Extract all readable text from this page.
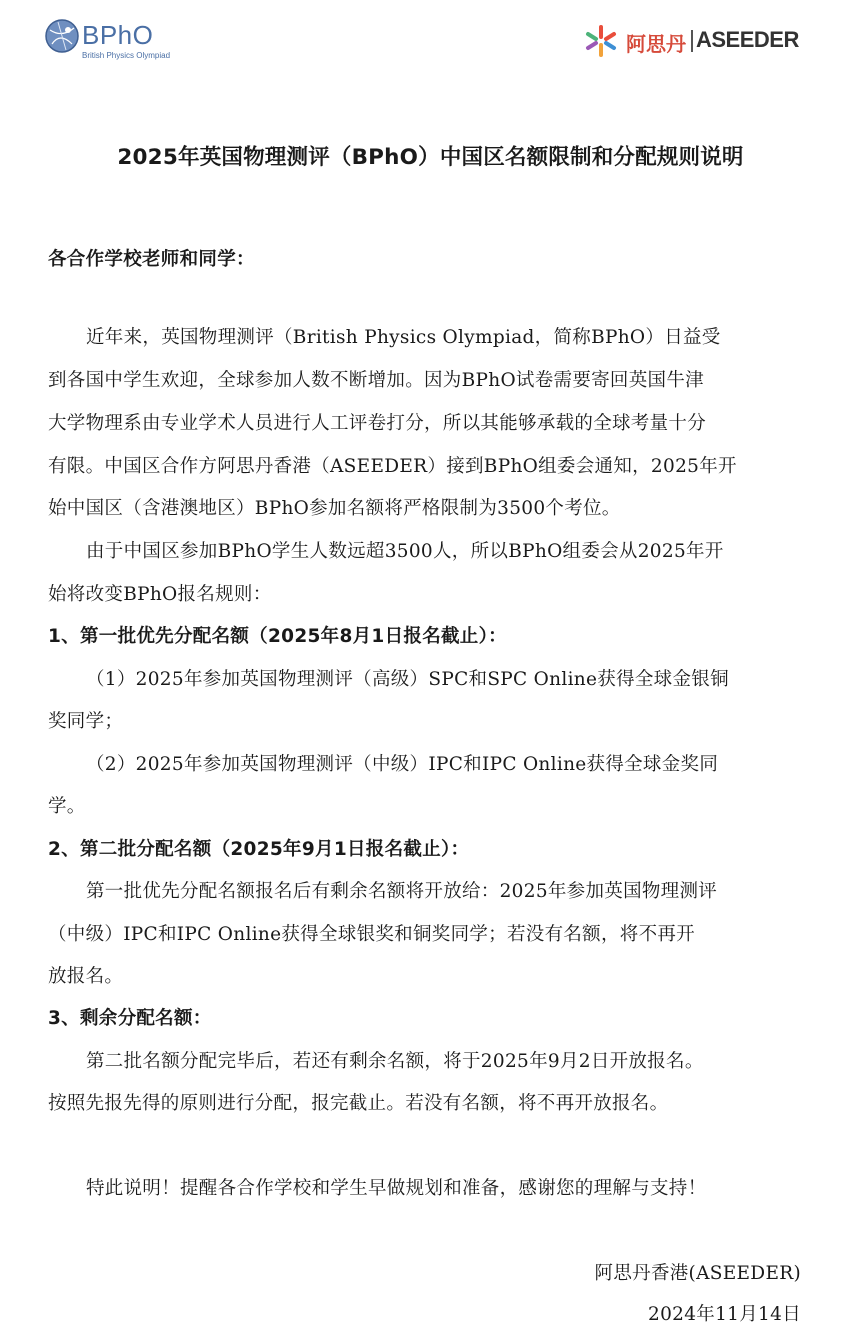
BPhO
British Physics Olympiad	阿思丹 ASEEDER
2025年英国物理测评（BPhO）中国区名额限制和分配规则说明
各合作学校老师和同学：
近年来，英国物理测评（British Physics Olympiad，简称BPhO）日益受
到各国中学生欢迎，全球参加人数不断增加。因为BPhO试卷需要寄回英国牛津
大学物理系由专业学术人员进行人工评卷打分，所以其能够承载的全球考量十分
有限。中国区合作方阿思丹香港（ASEEDER）接到BPhO组委会通知，2025年开
始中国区（含港澳地区）BPhO参加名额将严格限制为3500个考位。
由于中国区参加BPhO学生人数远超3500人，所以BPhO组委会从2025年开
始将改变BPhO报名规则：
1、第一批优先分配名额（2025年8月1日报名截止）：
（1）2025年参加英国物理测评（高级）SPC和SPC Online获得全球金银铜
奖同学；
（2）2025年参加英国物理测评（中级）IPC和IPC Online获得全球金奖同
学。
2、第二批分配名额（2025年9月1日报名截止）：
第一批优先分配名额报名后有剩余名额将开放给：2025年参加英国物理测评
（中级）IPC和IPC Online获得全球银奖和铜奖同学；若没有名额，将不再开
放报名。
3、剩余分配名额：
第二批名额分配完毕后，若还有剩余名额，将于2025年9月2日开放报名。
按照先报先得的原则进行分配，报完截止。若没有名额，将不再开放报名。
特此说明！提醒各合作学校和学生早做规划和准备，感谢您的理解与支持！
阿思丹香港(ASEEDER)
2024年11月14日
